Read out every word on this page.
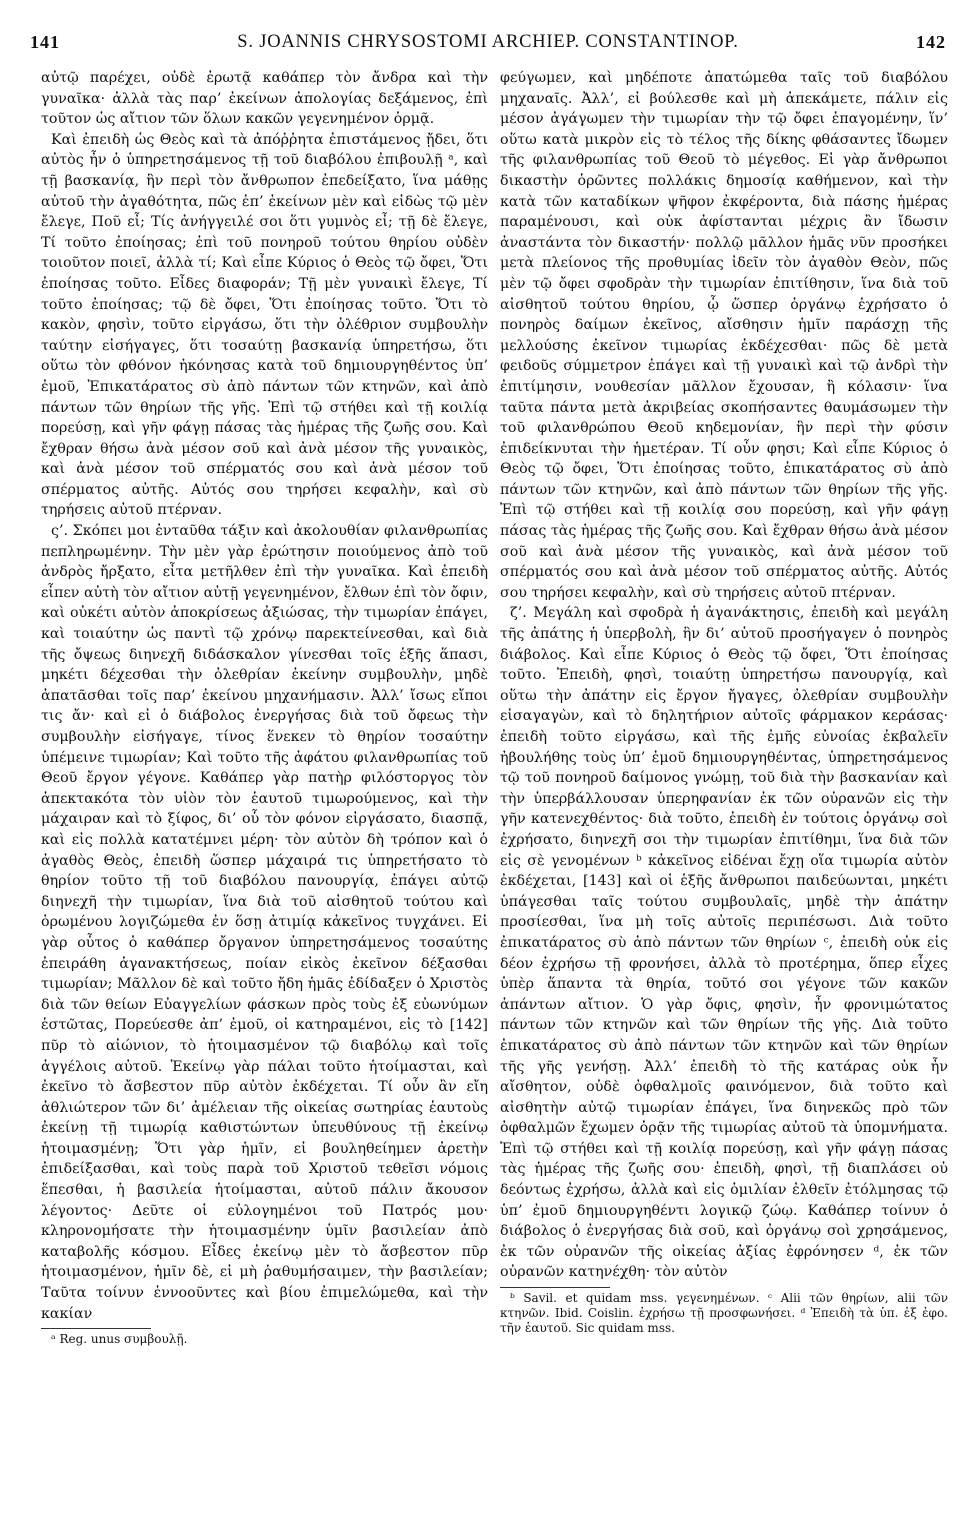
141	S. JOANNIS CHRYSOSTOMI ARCHIEP. CONSTANTINOP.	142

αὐτῷ παρέχει, οὐδὲ ἐρωτᾷ καθάπερ τὸν ἄνδρα καὶ τὴν γυναῖκα· ἀλλὰ τὰς παρ’ ἐκείνων ἀπολογίας δεξάμενος, ἐπὶ τοῦτον ὡς αἴτιον τῶν ὅλων κακῶν γεγενημένον ὁρμᾷ.

Καὶ ἐπειδὴ ὡς Θεὸς καὶ τὰ ἀπόῤῥητα ἐπιστάμενος ᾔδει, ὅτι αὐτὸς ἦν ὁ ὑπηρετησάμενος τῇ τοῦ διαβόλου ἐπιβουλῇ ᵃ, καὶ τῇ βασκανίᾳ, ἣν περὶ τὸν ἄνθρωπον ἐπεδείξατο, ἵνα μάθῃς αὐτοῦ τὴν ἀγαθότητα, πῶς ἐπ’ ἐκείνων μὲν καὶ εἰδὼς τῷ μὲν ἔλεγε, Ποῦ εἶ; Τίς ἀνήγγειλέ σοι ὅτι γυμνὸς εἶ; τῇ δὲ ἔλεγε, Τί τοῦτο ἐποίησας; ἐπὶ τοῦ πονηροῦ τούτου θηρίου οὐδὲν τοιοῦτον ποιεῖ, ἀλλὰ τί; Καὶ εἶπε Κύριος ὁ Θεὸς τῷ ὄφει, Ὅτι ἐποίησας τοῦτο. Εἶδες διαφοράν; Τῇ μὲν γυναικὶ ἔλεγε, Τί τοῦτο ἐποίησας; τῷ δὲ ὄφει, Ὅτι ἐποίησας τοῦτο. Ὅτι τὸ κακὸν, φησὶν, τοῦτο εἰργάσω, ὅτι τὴν ὀλέθριον συμβουλὴν ταύτην εἰσήγαγες, ὅτι τοσαύτῃ βασκανίᾳ ὑπηρετήσω, ὅτι οὕτω τὸν φθόνον ἠκόνησας κατὰ τοῦ δημιουργηθέντος ὑπ’ ἐμοῦ, Ἐπικατάρατος σὺ ἀπὸ πάντων τῶν κτηνῶν, καὶ ἀπὸ πάντων τῶν θηρίων τῆς γῆς. Ἐπὶ τῷ στήθει καὶ τῇ κοιλίᾳ πορεύσῃ, καὶ γῆν φάγῃ πάσας τὰς ἡμέρας τῆς ζωῆς σου. Καὶ ἔχθραν θήσω ἀνὰ μέσον σοῦ καὶ ἀνὰ μέσον τῆς γυναικὸς, καὶ ἀνὰ μέσον τοῦ σπέρματός σου καὶ ἀνὰ μέσον τοῦ σπέρματος αὐτῆς. Αὐτός σου τηρήσει κεφαλὴν, καὶ σὺ τηρήσεις αὐτοῦ πτέρναν.

ς’. Σκόπει μοι ἐνταῦθα τάξιν καὶ ἀκολουθίαν φιλανθρωπίας πεπληρωμένην. Τὴν μὲν γὰρ ἐρώτησιν ποιούμενος ἀπὸ τοῦ ἀνδρὸς ἤρξατο, εἶτα μετῆλθεν ἐπὶ τὴν γυναῖκα. Καὶ ἐπειδὴ εἶπεν αὐτὴ τὸν αἴτιον αὐτῇ γεγενημένον, ἔλθων ἐπὶ τὸν ὄφιν, καὶ οὐκέτι αὐτὸν ἀποκρίσεως ἀξιώσας, τὴν τιμωρίαν ἐπάγει, καὶ τοιαύτην ὡς παντὶ τῷ χρόνῳ παρεκτείνεσθαι, καὶ διὰ τῆς ὄψεως διηνεχῆ διδάσκαλον γίνεσθαι τοῖς ἑξῆς ἅπασι, μηκέτι δέχεσθαι τὴν ὀλεθρίαν ἐκείνην συμβουλὴν, μηδὲ ἀπατᾶσθαι τοῖς παρ’ ἐκείνου μηχανήμασιν. Ἀλλ’ ἴσως εἴποι τις ἄν· καὶ εἰ ὁ διάβολος ἐνεργήσας διὰ τοῦ ὄφεως τὴν συμβουλὴν εἰσήγαγε, τίνος ἕνεκεν τὸ θηρίον τοσαύτην ὑπέμεινε τιμωρίαν; Καὶ τοῦτο τῆς ἀφάτου φιλανθρωπίας τοῦ Θεοῦ ἔργον γέγονε. Καθάπερ γὰρ πατὴρ φιλόστοργος τὸν ἀπεκτακότα τὸν υἱὸν τὸν ἑαυτοῦ τιμωρούμενος, καὶ τὴν μάχαιραν καὶ τὸ ξίφος, δι’ οὗ τὸν φόνον εἰργάσατο, διασπᾷ, καὶ εἰς πολλὰ κατατέμνει μέρη· τὸν αὐτὸν δὴ τρόπον καὶ ὁ ἀγαθὸς Θεὸς, ἐπειδὴ ὥσπερ μάχαιρά τις ὑπηρετήσατο τὸ θηρίον τοῦτο τῇ τοῦ διαβόλου πανουργίᾳ, ἐπάγει αὐτῷ διηνεχῆ τὴν τιμωρίαν, ἵνα διὰ τοῦ αἰσθητοῦ τούτου καὶ ὁρωμένου λογιζώμεθα ἐν ὅσῃ ἀτιμίᾳ κἀκεῖνος τυγχάνει. Εἰ γὰρ οὗτος ὁ καθάπερ ὄργανον ὑπηρετησάμενος τοσαύτης ἐπειράθη ἀγανακτήσεως, ποίαν εἰκὸς ἐκεῖνον δέξασθαι τιμωρίαν; Μᾶλλον δὲ καὶ τοῦτο ἤδη ἡμᾶς ἐδίδαξεν ὁ Χριστὸς διὰ τῶν θείων Εὐαγγελίων φάσκων πρὸς τοὺς ἐξ εὐωνύμων ἑστῶτας, Πορεύεσθε ἀπ’ ἐμοῦ, οἱ κατηραμένοι, εἰς τὸ [142] πῦρ τὸ αἰώνιον, τὸ ἡτοιμασμένον τῷ διαβόλῳ καὶ τοῖς ἀγγέλοις αὐτοῦ. Ἐκείνῳ γὰρ πάλαι τοῦτο ἡτοίμασται, καὶ ἐκεῖνο τὸ ἄσβεστον πῦρ αὐτὸν ἐκδέχεται. Τί οὖν ἂν εἴη ἀθλιώτερον τῶν δι’ ἀμέλειαν τῆς οἰκείας σωτηρίας ἑαυτοὺς ἐκείνῃ τῇ τιμωρίᾳ καθιστώντων ὑπευθύνους τῇ ἐκείνῳ ἡτοιμασμένῃ; Ὅτι γὰρ ἡμῖν, εἰ βουληθείημεν ἀρετὴν ἐπιδείξασθαι, καὶ τοὺς παρὰ τοῦ Χριστοῦ τεθεῖσι νόμοις ἕπεσθαι, ἡ βασιλεία ἡτοίμασται, αὐτοῦ πάλιν ἄκουσον λέγοντος· Δεῦτε οἱ εὐλογημένοι τοῦ Πατρός μου· κληρονομήσατε τὴν ἡτοιμασμένην ὑμῖν βασιλείαν ἀπὸ καταβολῆς κόσμου. Εἶδες ἐκείνῳ μὲν τὸ ἄσβεστον πῦρ ἡτοιμασμένον, ἡμῖν δὲ, εἰ μὴ ῥαθυμήσαιμεν, τὴν βασιλείαν; Ταῦτα τοίνυν ἐννοοῦντες καὶ βίου ἐπιμελώμεθα, καὶ τὴν κακίαν

ᵃ Reg. unus συμβουλῇ.

φεύγωμεν, καὶ μηδέποτε ἀπατώμεθα ταῖς τοῦ διαβόλου μηχαναῖς. Ἀλλ’, εἰ βούλεσθε καὶ μὴ ἀπεκάμετε, πάλιν εἰς μέσον ἀγάγωμεν τὴν τιμωρίαν τὴν τῷ ὄφει ἐπαγομένην, ἵν’ οὕτω κατὰ μικρὸν εἰς τὸ τέλος τῆς δίκης φθάσαντες ἴδωμεν τῆς φιλανθρωπίας τοῦ Θεοῦ τὸ μέγεθος. Εἰ γὰρ ἄνθρωποι δικαστὴν ὁρῶντες πολλάκις δημοσίᾳ καθήμενον, καὶ τὴν κατὰ τῶν καταδίκων ψῆφον ἐκφέροντα, διὰ πάσης ἡμέρας παραμένουσι, καὶ οὐκ ἀφίστανται μέχρις ἂν ἴδωσιν ἀναστάντα τὸν δικαστήν· πολλῷ μᾶλλον ἡμᾶς νῦν προσήκει μετὰ πλείονος τῆς προθυμίας ἰδεῖν τὸν ἀγαθὸν Θεὸν, πῶς μὲν τῷ ὄφει σφοδρὰν τὴν τιμωρίαν ἐπιτίθησιν, ἵνα διὰ τοῦ αἰσθητοῦ τούτου θηρίου, ᾧ ὥσπερ ὀργάνῳ ἐχρήσατο ὁ πονηρὸς δαίμων ἐκεῖνος, αἴσθησιν ἡμῖν παράσχῃ τῆς μελλούσης ἐκεῖνον τιμωρίας ἐκδέχεσθαι· πῶς δὲ μετὰ φειδοῦς σύμμετρον ἐπάγει καὶ τῇ γυναικὶ καὶ τῷ ἀνδρὶ τὴν ἐπιτίμησιν, νουθεσίαν μᾶλλον ἔχουσαν, ἢ κόλασιν· ἵνα ταῦτα πάντα μετὰ ἀκριβείας σκοπήσαντες θαυμάσωμεν τὴν τοῦ φιλανθρώπου Θεοῦ κηδεμονίαν, ἣν περὶ τὴν φύσιν ἐπιδείκνυται τὴν ἡμετέραν. Τί οὖν φησι; Καὶ εἶπε Κύριος ὁ Θεὸς τῷ ὄφει, Ὅτι ἐποίησας τοῦτο, ἐπικατάρατος σὺ ἀπὸ πάντων τῶν κτηνῶν, καὶ ἀπὸ πάντων τῶν θηρίων τῆς γῆς. Ἐπὶ τῷ στήθει καὶ τῇ κοιλίᾳ σου πορεύσῃ, καὶ γῆν φάγῃ πάσας τὰς ἡμέρας τῆς ζωῆς σου. Καὶ ἔχθραν θήσω ἀνὰ μέσον σοῦ καὶ ἀνὰ μέσον τῆς γυναικὸς, καὶ ἀνὰ μέσον τοῦ σπέρματός σου καὶ ἀνὰ μέσον τοῦ σπέρματος αὐτῆς. Αὐτός σου τηρήσει κεφαλὴν, καὶ σὺ τηρήσεις αὐτοῦ πτέρναν.

ζ’. Μεγάλη καὶ σφοδρὰ ἡ ἀγανάκτησις, ἐπειδὴ καὶ μεγάλη τῆς ἀπάτης ἡ ὑπερβολὴ, ἣν δι’ αὐτοῦ προσήγαγεν ὁ πονηρὸς διάβολος. Καὶ εἶπε Κύριος ὁ Θεὸς τῷ ὄφει, Ὅτι ἐποίησας τοῦτο. Ἐπειδὴ, φησὶ, τοιαύτῃ ὑπηρετήσω πανουργίᾳ, καὶ οὕτω τὴν ἀπάτην εἰς ἔργον ἤγαγες, ὀλεθρίαν συμβουλὴν εἰσαγαγὼν, καὶ τὸ δηλητήριον αὐτοῖς φάρμακον κεράσας· ἐπειδὴ τοῦτο εἰργάσω, καὶ τῆς ἐμῆς εὐνοίας ἐκβαλεῖν ἠβουλήθης τοὺς ὑπ’ ἐμοῦ δημιουργηθέντας, ὑπηρετησάμενος τῷ τοῦ πονηροῦ δαίμονος γνώμῃ, τοῦ διὰ τὴν βασκανίαν καὶ τὴν ὑπερβάλλουσαν ὑπερηφανίαν ἐκ τῶν οὐρανῶν εἰς τὴν γῆν κατενεχθέντος· διὰ τοῦτο, ἐπειδὴ ἐν τούτοις ὀργάνῳ σοὶ ἐχρήσατο, διηνεχῆ σοι τὴν τιμωρίαν ἐπιτίθημι, ἵνα διὰ τῶν εἰς σὲ γενομένων ᵇ κἀκεῖνος εἰδέναι ἔχῃ οἵα τιμωρία αὐτὸν ἐκδέχεται, [143] καὶ οἱ ἑξῆς ἄνθρωποι παιδεύωνται, μηκέτι ὑπάγεσθαι ταῖς τούτου συμβουλαῖς, μηδὲ τὴν ἀπάτην προσίεσθαι, ἵνα μὴ τοῖς αὐτοῖς περιπέσωσι. Διὰ τοῦτο ἐπικατάρατος σὺ ἀπὸ πάντων τῶν θηρίων ᶜ, ἐπειδὴ οὐκ εἰς δέον ἐχρήσω τῇ φρονήσει, ἀλλὰ τὸ προτέρημα, ὅπερ εἶχες ὑπὲρ ἅπαντα τὰ θηρία, τοῦτό σοι γέγονε τῶν κακῶν ἁπάντων αἴτιον. Ὁ γὰρ ὄφις, φησὶν, ἦν φρονιμώτατος πάντων τῶν κτηνῶν καὶ τῶν θηρίων τῆς γῆς. Διὰ τοῦτο ἐπικατάρατος σὺ ἀπὸ πάντων τῶν κτηνῶν καὶ τῶν θηρίων τῆς γῆς γενήσῃ. Ἀλλ’ ἐπειδὴ τὸ τῆς κατάρας οὐκ ἦν αἴσθητον, οὐδὲ ὀφθαλμοῖς φαινόμενον, διὰ τοῦτο καὶ αἰσθητὴν αὐτῷ τιμωρίαν ἐπάγει, ἵνα διηνεκῶς πρὸ τῶν ὀφθαλμῶν ἔχωμεν ὁρᾷν τῆς τιμωρίας αὐτοῦ τὰ ὑπομνήματα. Ἐπὶ τῷ στήθει καὶ τῇ κοιλίᾳ πορεύσῃ, καὶ γῆν φάγῃ πάσας τὰς ἡμέρας τῆς ζωῆς σου· ἐπειδὴ, φησὶ, τῇ διαπλάσει οὐ δεόντως ἐχρήσω, ἀλλὰ καὶ εἰς ὁμιλίαν ἐλθεῖν ἐτόλμησας τῷ ὑπ’ ἐμοῦ δημιουργηθέντι λογικῷ ζώῳ. Καθάπερ τοίνυν ὁ διάβολος ὁ ἐνεργήσας διὰ σοῦ, καὶ ὀργάνῳ σοὶ χρησάμενος, ἐκ τῶν οὐρανῶν τῆς οἰκείας ἀξίας ἐφρόνησεν ᵈ, ἐκ τῶν οὐρανῶν κατηνέχθη· τὸν αὐτὸν

ᵇ Savil. et quidam mss. γεγενημένων. ᶜ Alii τῶν θηρίων, alii τῶν κτηνῶν. Ibid. Coislin. ἐχρήσω τῇ προσφωνήσει. ᵈ Ἐπειδὴ τὰ ὑπ. ἐξ ἐφο. τῆν ἑαυτοῦ. Sic quidam mss.
